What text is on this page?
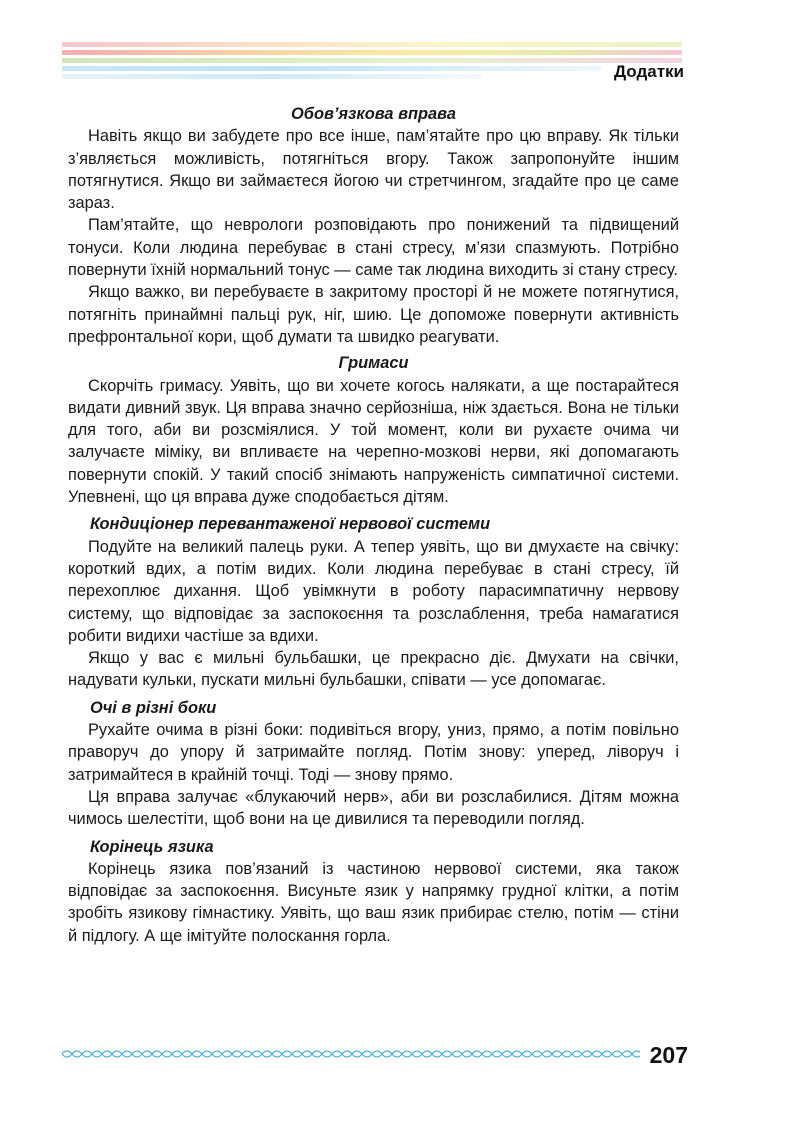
Додатки

Обов’язкова вправа

Навіть якщо ви забудете про все інше, пам’ятайте про цю вправу. Як тільки з’являється можливість, потягніться вгору. Також запропонуйте іншим потягнутися. Якщо ви займаєтеся йогою чи стретчингом, згадайте про це саме зараз.

Пам’ятайте, що неврологи розповідають про понижений та підвищений тонуси. Коли людина перебуває в стані стресу, м’язи спазмують. Потрібно повернути їхній нормальний тонус — саме так людина виходить зі стану стресу.

Якщо важко, ви перебуваєте в закритому просторі й не можете потягнутися, потягніть принаймні пальці рук, ніг, шию. Це допоможе повернути активність префронтальної кори, щоб думати та швидко реагувати.

Гримаси

Скорчіть гримасу. Уявіть, що ви хочете когось налякати, а ще постарайтеся видати дивний звук. Ця вправа значно серйозніша, ніж здається. Вона не тільки для того, аби ви розсміялися. У той момент, коли ви рухаєте очима чи залучаєте міміку, ви впливаєте на черепно-мозкові нерви, які допомагають повернути спокій. У такий спосіб знімають напруженість симпатичної системи. Упевнені, що ця вправа дуже сподобається дітям.

Кондиціонер перевантаженої нервової системи

Подуйте на великий палець руки. А тепер уявіть, що ви дмухаєте на свічку: короткий вдих, а потім видих. Коли людина перебуває в стані стресу, їй перехоплює дихання. Щоб увімкнути в роботу парасимпатичну нервову систему, що відповідає за заспокоєння та розслаблення, треба намагатися робити видихи частіше за вдихи.

Якщо у вас є мильні бульбашки, це прекрасно діє. Дмухати на свічки, надувати кульки, пускати мильні бульбашки, співати — усе допомагає.

Очі в різні боки

Рухайте очима в різні боки: подивіться вгору, униз, прямо, а потім повільно праворуч до упору й затримайте погляд. Потім знову: уперед, ліворуч і затримайтеся в крайній точці. Тоді — знову прямо.

Ця вправа залучає «блукаючий нерв», аби ви розслабилися. Дітям можна чимось шелестіти, щоб вони на це дивилися та переводили погляд.

Корінець язика

Корінець язика пов’язаний із частиною нервової системи, яка також відповідає за заспокоєння. Висуньте язик у напрямку грудної клітки, а потім зробіть язикову гімнастику. Уявіть, що ваш язик прибирає стелю, потім — стіни й підлогу. А ще імітуйте полоскання горла.

207
